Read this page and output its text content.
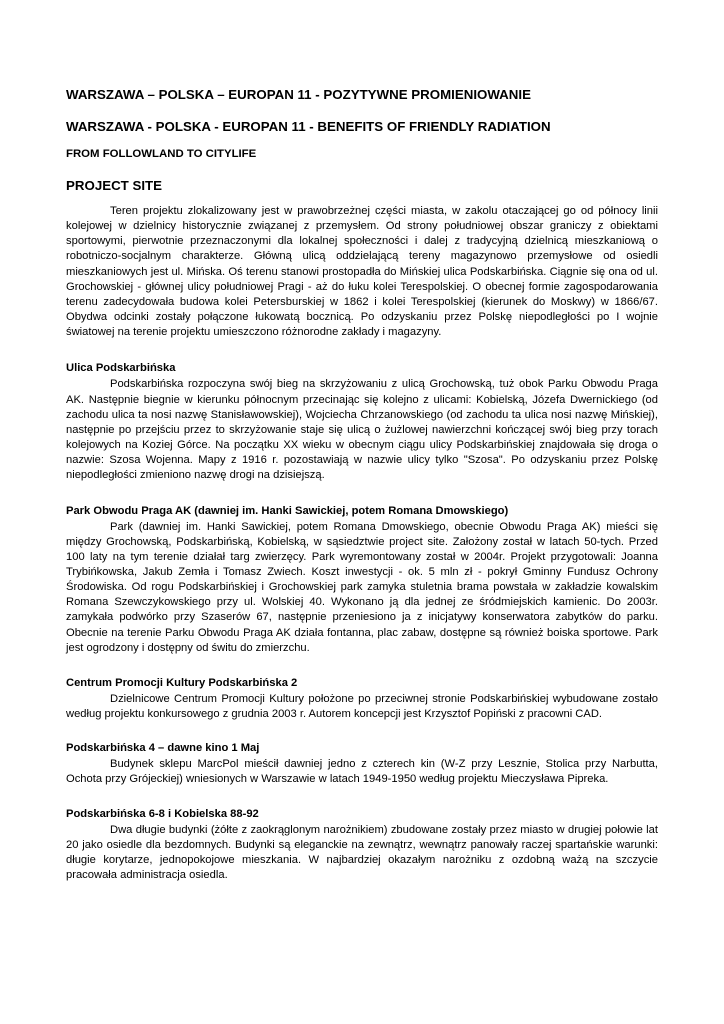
WARSZAWA – POLSKA – EUROPAN 11 - POZYTYWNE PROMIENIOWANIE
WARSZAWA - POLSKA - EUROPAN 11 - BENEFITS OF FRIENDLY RADIATION
FROM FOLLOWLAND TO CITYLIFE
PROJECT SITE

Teren projektu zlokalizowany jest w prawobrzeżnej części miasta, w zakolu otaczającej go od północy linii kolejowej w dzielnicy historycznie związanej z przemysłem. Od strony południowej obszar graniczy z obiektami sportowymi, pierwotnie przeznaczonymi dla lokalnej społeczności i dalej z tradycyjną dzielnicą mieszkaniową o robotniczo-socjalnym charakterze. Główną ulicą oddzielającą tereny magazynowo przemysłowe od osiedli mieszkaniowych jest ul. Mińska. Oś terenu stanowi prostopadła do Mińskiej ulica Podskarbińska. Ciągnie się ona od ul. Grochowskiej - głównej ulicy południowej Pragi - aż do łuku kolei Terespolskiej. O obecnej formie zagospodarowania terenu zadecydowała budowa kolei Petersburskiej w 1862 i kolei Terespolskiej (kierunek do Moskwy) w 1866/67. Obydwa odcinki zostały połączone łukowatą bocznicą. Po odzyskaniu przez Polskę niepodległości po I wojnie światowej na terenie projektu umieszczono różnorodne zakłady i magazyny.

Ulica Podskarbińska

Podskarbińska rozpoczyna swój bieg na skrzyżowaniu z ulicą Grochowską, tuż obok Parku Obwodu Praga AK. Następnie biegnie w kierunku północnym przecinając się kolejno z ulicami: Kobielską, Józefa Dwernickiego (od zachodu ulica ta nosi nazwę Stanisławowskiej), Wojciecha Chrzanowskiego (od zachodu ta ulica nosi nazwę Mińskiej), następnie po przejściu przez to skrzyżowanie staje się ulicą o żużlowej nawierzchni kończącej swój bieg przy torach kolejowych na Koziej Górce. Na początku XX wieku w obecnym ciągu ulicy Podskarbińskiej znajdowała się droga o nazwie: Szosa Wojenna. Mapy z 1916 r. pozostawiają w nazwie ulicy tylko "Szosa". Po odzyskaniu przez Polskę niepodległości zmieniono nazwę drogi na dzisiejszą.

Park Obwodu Praga AK (dawniej im. Hanki Sawickiej, potem Romana Dmowskiego)

Park (dawniej im. Hanki Sawickiej, potem Romana Dmowskiego, obecnie Obwodu Praga AK) mieści się między Grochowską, Podskarbińską, Kobielską, w sąsiedztwie project site. Założony został w latach 50-tych. Przed 100 laty na tym terenie działał targ zwierzęcy. Park wyremontowany został w 2004r. Projekt przygotowali: Joanna Trybińkowska, Jakub Zemła i Tomasz Zwiech. Koszt inwestycji - ok. 5 mln zł - pokrył Gminny Fundusz Ochrony Środowiska. Od rogu Podskarbińskiej i Grochowskiej park zamyka stuletnia brama powstała w zakładzie kowalskim Romana Szewczykowskiego przy ul. Wolskiej 40. Wykonano ją dla jednej ze śródmiejskich kamienic. Do 2003r. zamykała podwórko przy Szaserów 67, następnie przeniesiono ja z inicjatywy konserwatora zabytków do parku. Obecnie na terenie Parku Obwodu Praga AK działa fontanna, plac zabaw, dostępne są również boiska sportowe. Park jest ogrodzony i dostępny od świtu do zmierzchu.

Centrum Promocji Kultury Podskarbińska 2

Dzielnicowe Centrum Promocji Kultury położone po przeciwnej stronie Podskarbińskiej wybudowane zostało według projektu konkursowego z grudnia 2003 r. Autorem koncepcji jest Krzysztof Popiński z pracowni CAD.

Podskarbińska 4 – dawne kino 1 Maj

Budynek sklepu MarcPol mieścił dawniej jedno z czterech kin (W-Z przy Lesznie, Stolica przy Narbutta, Ochota przy Grójeckiej) wniesionych w Warszawie w latach 1949-1950 według projektu Mieczysława Pipreka.

Podskarbińska 6-8 i Kobielska 88-92

Dwa długie budynki (żółte z zaokrąglonym narożnikiem) zbudowane zostały przez miasto w drugiej połowie lat 20 jako osiedle dla bezdomnych. Budynki są eleganckie na zewnątrz, wewnątrz panowały raczej spartańskie warunki: długie korytarze, jednopokojowe mieszkania. W najbardziej okazałym narożniku z ozdobną ważą na szczycie pracowała administracja osiedla.
